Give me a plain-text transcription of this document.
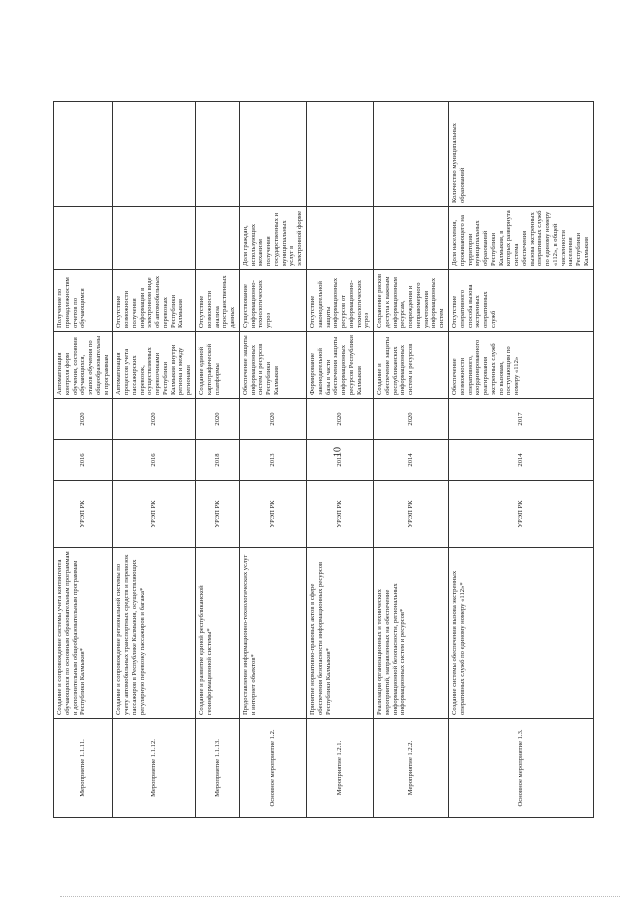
10
Мероприятие 1.1.11.	Создание и сопровождение системы учета контингента обучающихся по основным образовательным программам и дополнительным общеобразовательным программам Республики Калмыкия*	УРЭП РК	2016	2020	Автоматизация контроля форм обучения, состояния обучающихся, этапов обучения по общеобразовательным программам	Получение по принадлежностям отчетов по обучающимся		
Мероприятие 1.1.12.	Создание и сопровождение региональной системы по учету автомобильных транспортных средств и перевозок пассажиров в Республике Калмыкия, осуществляющих регулярную перевозку пассажиров и багажа*	УРЭП РК	2016	2020	Автоматизация процессов учета пассажирских перевозок, осуществляемых перевозчиками Республики Калмыкия внутри региона и между регионами	Отсутствие возможности получения информации в электронном виде об автомобильных перевозках Республики Калмыкия		
Мероприятие 1.1.13.	Создание и развитие единой республиканской геоинформационной системы*	УРЭП РК	2018	2020	Создание единой картографической платформы	Отсутствие возможности анализа пространственных данных		
Основное мероприятие 1.2.	Предоставление информационно-технологических услуг и интернет объектов*	УРЭП РК	2013	2020	Обеспечение защиты информационных систем и ресурсов Республики Калмыкия	Существование информационно-технологических угроз	Доля граждан, использующих механизм получения государственных и муниципальных услуг в электронной форме	
Мероприятие 1.2.1.	Принятие нормативно-правовых актов в сфере обеспечения безопасности информационных ресурсов Республики Калмыкия*	УРЭП РК	2013	2020	Формирование законодательной базы в части обеспечения защиты информационных ресурсов Республики Калмыкия	Отсутствие законодательной защиты информационных ресурсов от информационно-технологических угроз		
Мероприятие 1.2.2.	Реализация организационных и технических мероприятий, направленных на обеспечение информационной безопасности, региональных информационных систем и ресурсов*	УРЭП РК	2014	2020	Создание и обеспечение защиты республиканских информационных систем и ресурсов	Сохранение рисков доступа к важным информационным ресурсам, повреждения и неправомерного уничтожения информационных систем		
Основное мероприятие 1.3.	Создание системы обеспечения вызова экстренных оперативных служб по единому номеру «112»*	УРЭП РК	2014	2017	Обеспечение возможности оперативного, координированного реагирования экстренных служб по вызовам, поступающим по номеру «112»	Отсутствие оперативного способа вызова экстренных оперативных служб	Доля населения, проживающего на территории муниципальных образований Республики Калмыкия, в которых развернута система обеспечения вызова экстренных оперативных служб по единому номеру «112», в общей численности населения Республики Калмыкия	Количество муниципальных образований
